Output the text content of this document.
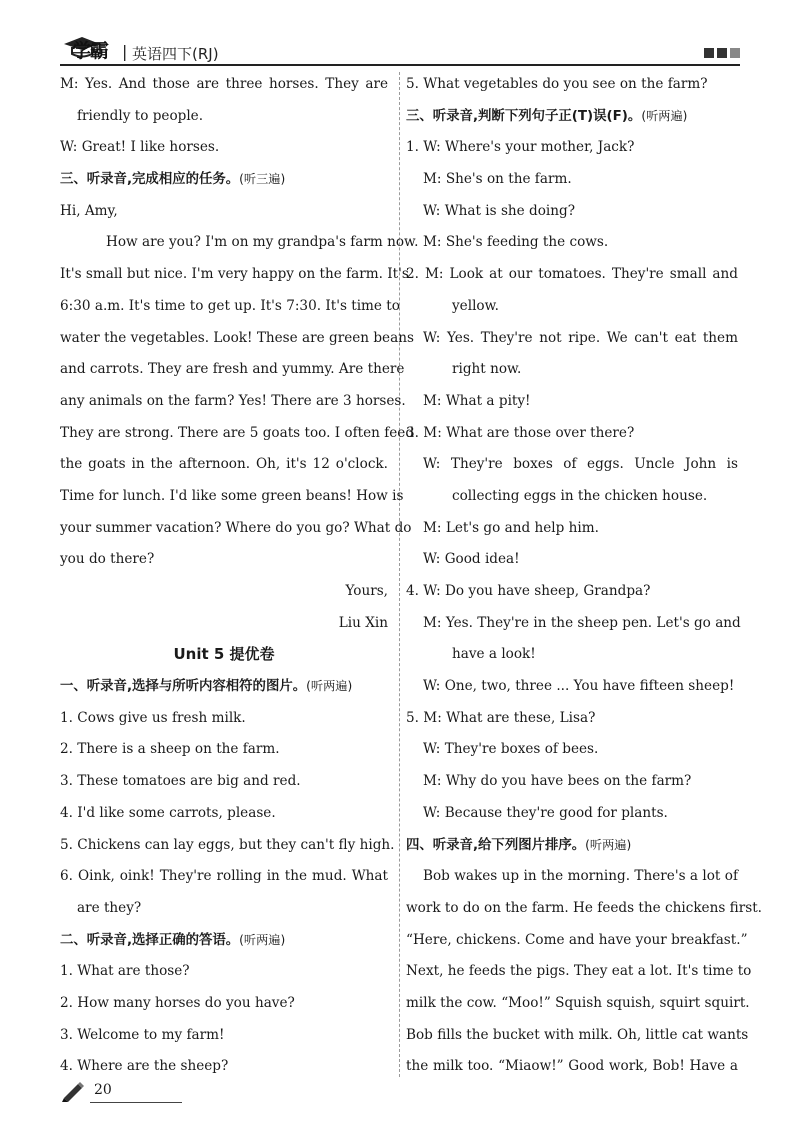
学霸 | 英语四下(RJ)
M: Yes. And those are three horses. They are
friendly to people.
W: Great! I like horses.
三、听录音,完成相应的任务。(听三遍)
Hi, Amy,
How are you? I'm on my grandpa's farm now.
It's small but nice. I'm very happy on the farm. It's
6:30 a.m. It's time to get up. It's 7:30. It's time to
water the vegetables. Look! These are green beans
and carrots. They are fresh and yummy. Are there
any animals on the farm? Yes! There are 3 horses.
They are strong. There are 5 goats too. I often feed
the goats in the afternoon. Oh, it's 12 o'clock.
Time for lunch. I'd like some green beans! How is
your summer vacation? Where do you go? What do
you do there?
Yours,
Liu Xin
Unit 5 提优卷
一、听录音,选择与所听内容相符的图片。(听两遍)
1. Cows give us fresh milk.
2. There is a sheep on the farm.
3. These tomatoes are big and red.
4. I'd like some carrots, please.
5. Chickens can lay eggs, but they can't fly high.
6. Oink, oink! They're rolling in the mud. What
are they?
二、听录音,选择正确的答语。(听两遍)
1. What are those?
2. How many horses do you have?
3. Welcome to my farm!
4. Where are the sheep?
5. What vegetables do you see on the farm?
三、听录音,判断下列句子正(T)误(F)。(听两遍)
1. W: Where's your mother, Jack?
M: She's on the farm.
W: What is she doing?
M: She's feeding the cows.
2. M: Look at our tomatoes. They're small and
yellow.
W: Yes. They're not ripe. We can't eat them
right now.
M: What a pity!
3. M: What are those over there?
W: They're boxes of eggs. Uncle John is
collecting eggs in the chicken house.
M: Let's go and help him.
W: Good idea!
4. W: Do you have sheep, Grandpa?
M: Yes. They're in the sheep pen. Let's go and
have a look!
W: One, two, three ... You have fifteen sheep!
5. M: What are these, Lisa?
W: They're boxes of bees.
M: Why do you have bees on the farm?
W: Because they're good for plants.
四、听录音,给下列图片排序。(听两遍)
Bob wakes up in the morning. There's a lot of
work to do on the farm. He feeds the chickens first.
“Here, chickens. Come and have your breakfast.”
Next, he feeds the pigs. They eat a lot. It's time to
milk the cow. “Moo!” Squish squish, squirt squirt.
Bob fills the bucket with milk. Oh, little cat wants
the milk too. “Miaow!” Good work, Bob! Have a
20
